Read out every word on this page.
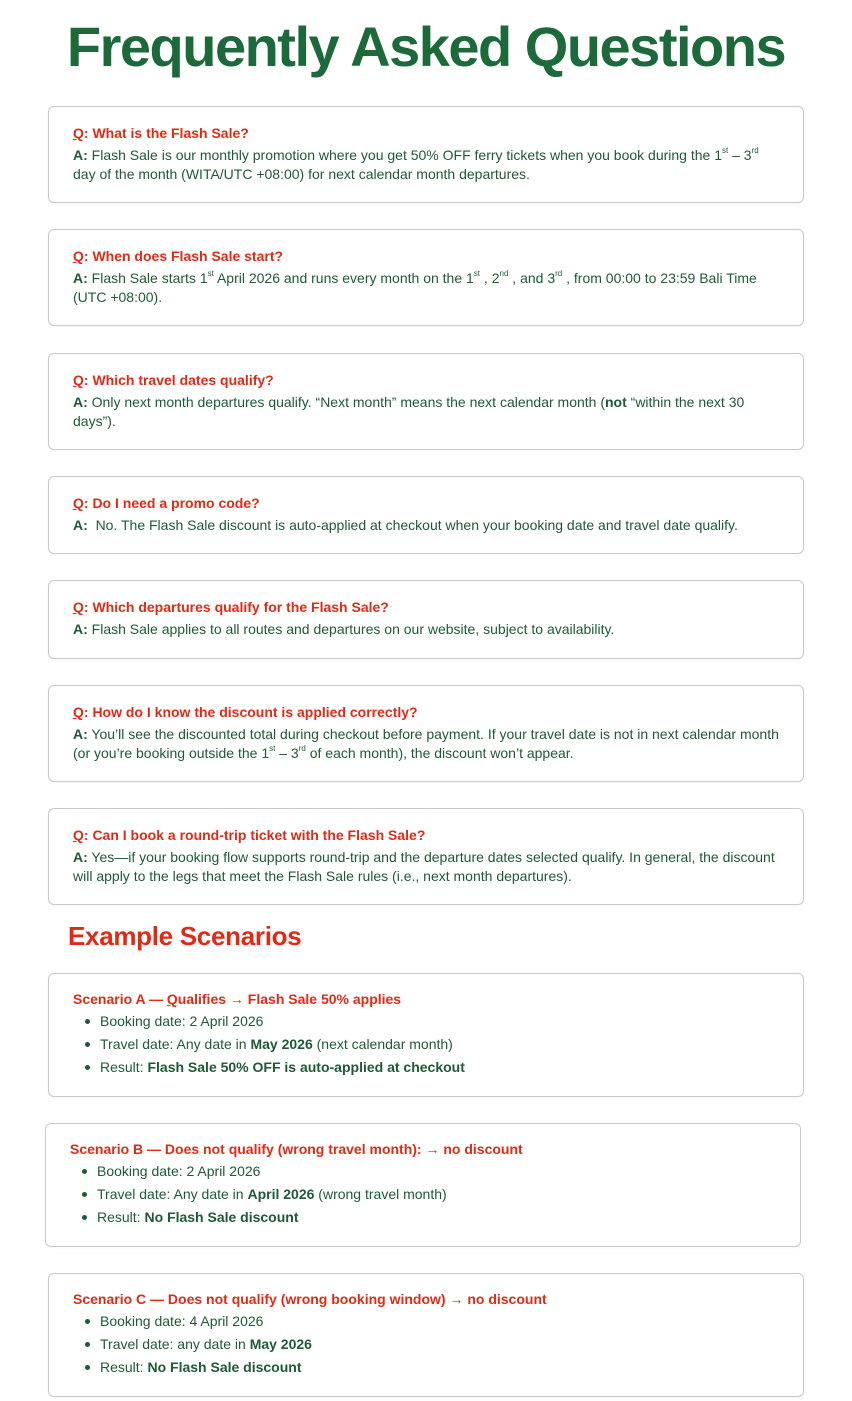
Frequently Asked Questions

Q: What is the Flash Sale?

A: Flash Sale is our monthly promotion where you get 50% OFF ferry tickets when you book during the 1st – 3rd day of the month (WITA/UTC +08:00) for next calendar month departures.

Q: When does Flash Sale start?

A: Flash Sale starts 1st April 2026 and runs every month on the 1st , 2nd , and 3rd , from 00:00 to 23:59 Bali Time (UTC +08:00).

Q: Which travel dates qualify?

A: Only next month departures qualify. “Next month” means the next calendar month (not “within the next 30 days”).

Q: Do I need a promo code?

A: No. The Flash Sale discount is auto-applied at checkout when your booking date and travel date qualify.

Q: Which departures qualify for the Flash Sale?

A: Flash Sale applies to all routes and departures on our website, subject to availability.

Q: How do I know the discount is applied correctly?

A: You’ll see the discounted total during checkout before payment. If your travel date is not in next calendar month (or you’re booking outside the 1st – 3rd of each month), the discount won’t appear.

Q: Can I book a round-trip ticket with the Flash Sale?

A: Yes—if your booking flow supports round-trip and the departure dates selected qualify. In general, the discount will apply to the legs that meet the Flash Sale rules (i.e., next month departures).

Example Scenarios

Scenario A — Qualifies → Flash Sale 50% applies

Booking date: 2 April 2026
Travel date: Any date in May 2026 (next calendar month)
Result: Flash Sale 50% OFF is auto-applied at checkout

Scenario B — Does not qualify (wrong travel month): → no discount

Booking date: 2 April 2026
Travel date: Any date in April 2026 (wrong travel month)
Result: No Flash Sale discount

Scenario C — Does not qualify (wrong booking window) → no discount

Booking date: 4 April 2026
Travel date: any date in May 2026
Result: No Flash Sale discount
